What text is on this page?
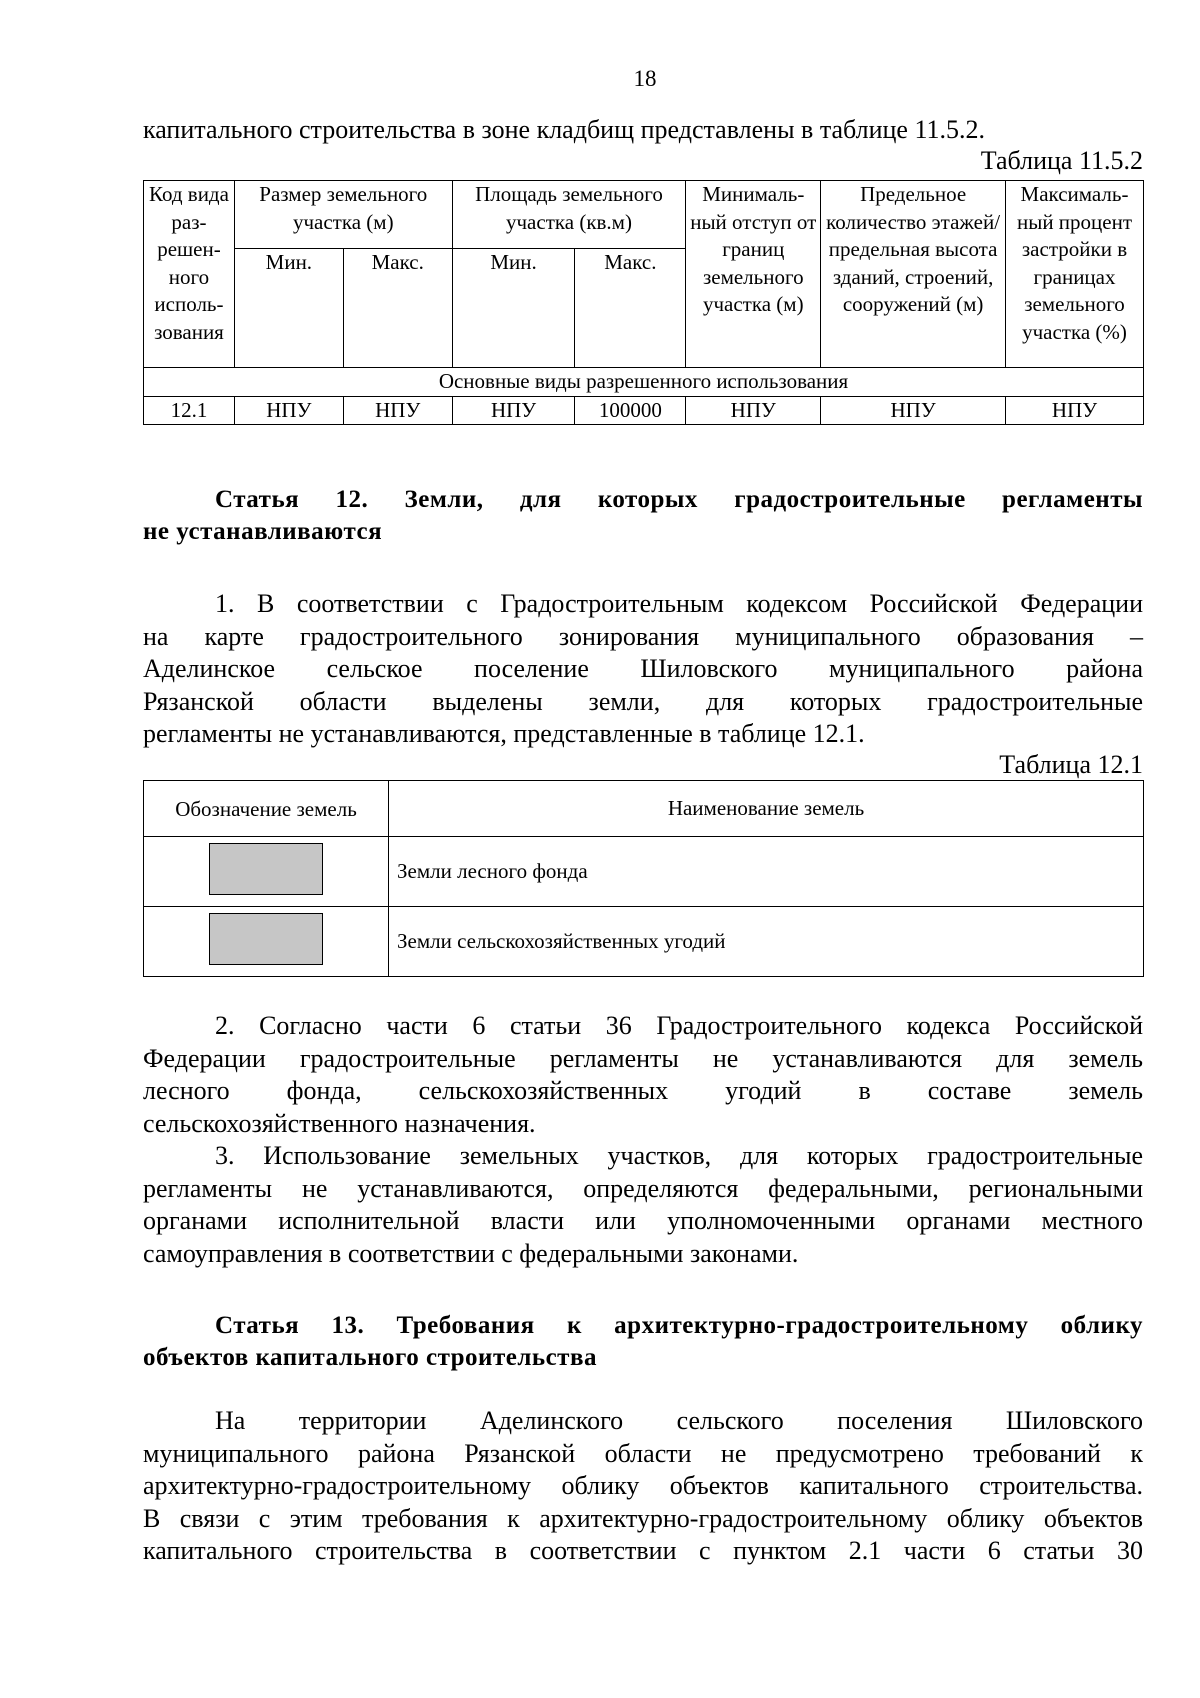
18
капитального строительства в зоне кладбищ представлены в таблице 11.5.2.
Таблица 11.5.2
Код вида раз- решен- ного исполь- зования	Размер земельного участка (м)		Площадь земельного участка (кв.м)		Минималь- ный отступ от границ земельного участка (м)	Предельное количество этажей/ предельная высота зданий, строений, сооружений (м)	Максималь- ный процент застройки в границах земельного участка (%)
	Мин.	Макс.	Мин.	Макс.			
Основные виды разрешенного использования							
12.1	НПУ	НПУ	НПУ	100000	НПУ	НПУ	НПУ
Статья 12. Земли, для которых градостроительные регламенты
не устанавливаются
1. В соответствии с Градостроительным кодексом Российской Федерации
на карте градостроительного зонирования муниципального образования –
Аделинское сельское поселение Шиловского муниципального района
Рязанской области выделены земли, для которых градостроительные
регламенты не устанавливаются, представленные в таблице 12.1.
Таблица 12.1
Обозначение земель	Наименование земель
	Земли лесного фонда
	Земли сельскохозяйственных угодий
2. Согласно части 6 статьи 36 Градостроительного кодекса Российской
Федерации градостроительные регламенты не устанавливаются для земель
лесного фонда, сельскохозяйственных угодий в составе земель
сельскохозяйственного назначения.
3. Использование земельных участков, для которых градостроительные
регламенты не устанавливаются, определяются федеральными, региональными
органами исполнительной власти или уполномоченными органами местного
самоуправления в соответствии с федеральными законами.
Статья 13. Требования к архитектурно-градостроительному облику
объектов капитального строительства
На территории Аделинского сельского поселения Шиловского
муниципального района Рязанской области не предусмотрено требований к
архитектурно-градостроительному облику объектов капитального строительства.
В связи с этим требования к архитектурно-градостроительному облику объектов
капитального строительства в соответствии с пунктом 2.1 части 6 статьи 30
